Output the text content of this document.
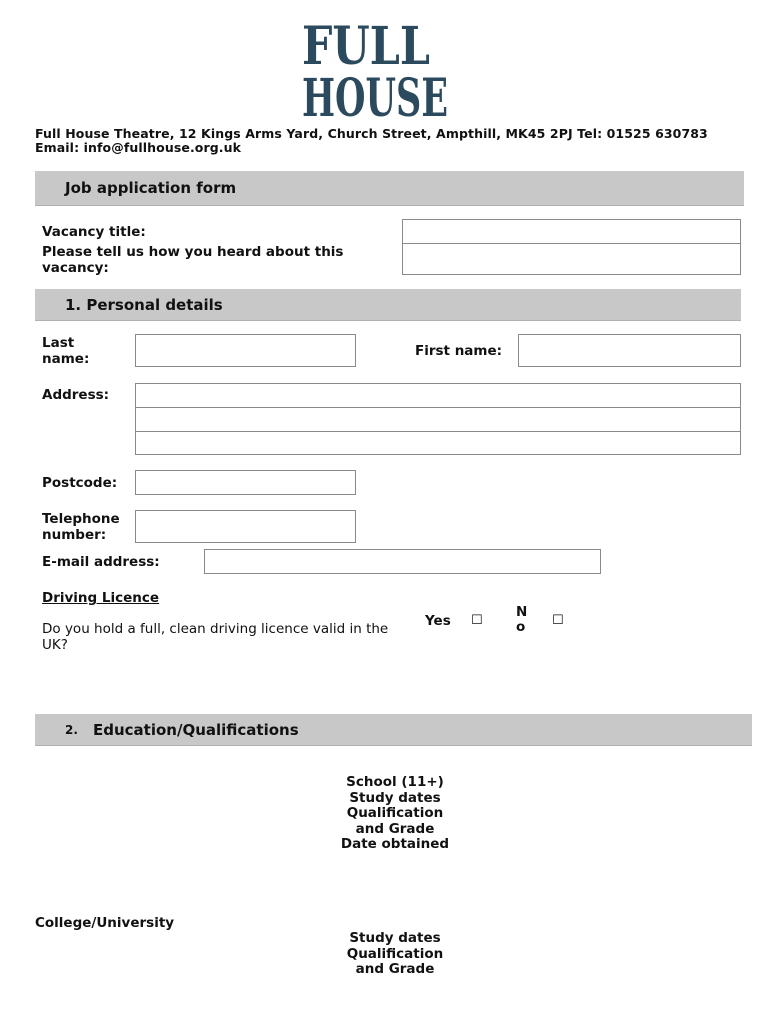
FULL
HOUSE
Full House Theatre, 12 Kings Arms Yard, Church Street, Ampthill, MK45 2PJ Tel: 01525 630783
Email: info@fullhouse.org.uk
Job application form
Vacancy title:
Please tell us how you heard about this
vacancy:
1. Personal details
Last
name:	First name:
Address:
Postcode:
Telephone
number:
E-mail address:
Driving Licence
Do you hold a full, clean driving licence valid in the
UK?
Yes ☐
N
o ☐
2. Education/Qualifications
School (11+)
Study dates
Qualification
and Grade
Date obtained
College/University
Study dates
Qualification
and Grade
